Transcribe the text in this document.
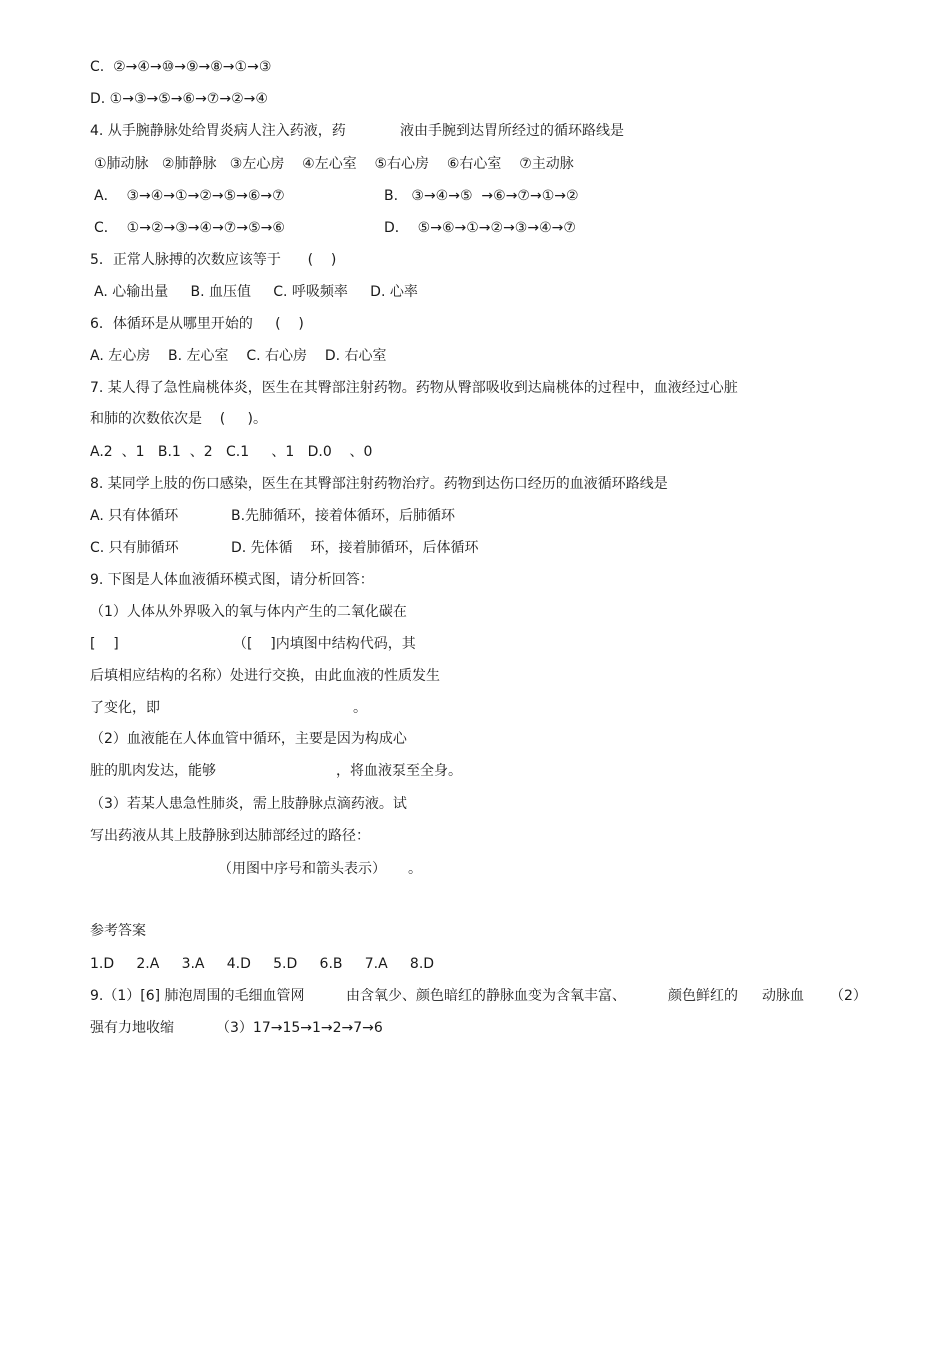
C.  ②→④→⑩→⑨→⑧→①→③
D. ①→③→⑤→⑥→⑦→②→④
4. 从手腕静脉处给胃炎病人注入药液，药	液由手腕到达胃所经过的循环路线是
①肺动脉   ②肺静脉   ③左心房    ④左心室    ⑤右心房    ⑥右心室    ⑦主动脉
A．  ③→④→①→②→⑤→⑥→⑦	B.   ③→④→⑤  →⑥→⑦→①→②
C．  ①→②→③→④→⑦→⑤→⑥	D．  ⑤→⑥→①→②→③→④→⑦
5．正常人脉搏的次数应该等于      (    )
A. 心输出量     B. 血压值     C. 呼吸频率     D. 心率
6．体循环是从哪里开始的     (    )
A. 左心房    B. 左心室    C. 右心房    D. 右心室
7. 某人得了急性扁桃体炎，医生在其臀部注射药物。药物从臀部吸收到达扁桃体的过程中，血液经过心脏
和肺的次数依次是    (     )。
A.2  、1   B.1  、2   C.1     、1   D.0    、0
8. 某同学上肢的伤口感染，医生在其臀部注射药物治疗。药物到达伤口经历的血液循环路线是
A. 只有体循环	B.先肺循环，接着体循环，后肺循环
C. 只有肺循环	D. 先体循    环，接着肺循环，后体循环
9. 下图是人体血液循环模式图，请分析回答：
（1）人体从外界吸入的氧与体内产生的二氧化碳在
[    ]	（[    ]内填图中结构代码，其
后填相应结构的名称）处进行交换，由此血液的性质发生
了变化，即	。
（2）血液能在人体血管中循环，主要是因为构成心
脏的肌肉发达，能够	，将血液泵至全身。
（3）若某人患急性肺炎，需上肢静脉点滴药液。试
写出药液从其上肢静脉到达肺部经过的路径：
（用图中序号和箭头表示） 。
参考答案
1.D     2.A     3.A     4.D     5.D     6.B     7.A     8.D
9.（1）[6] 肺泡周围的毛细血管网	由含氧少、颜色暗红的静脉血变为含氧丰富、	颜色鲜红的 动脉血 （2）
强有力地收缩	（3）17→15→1→2→7→6
